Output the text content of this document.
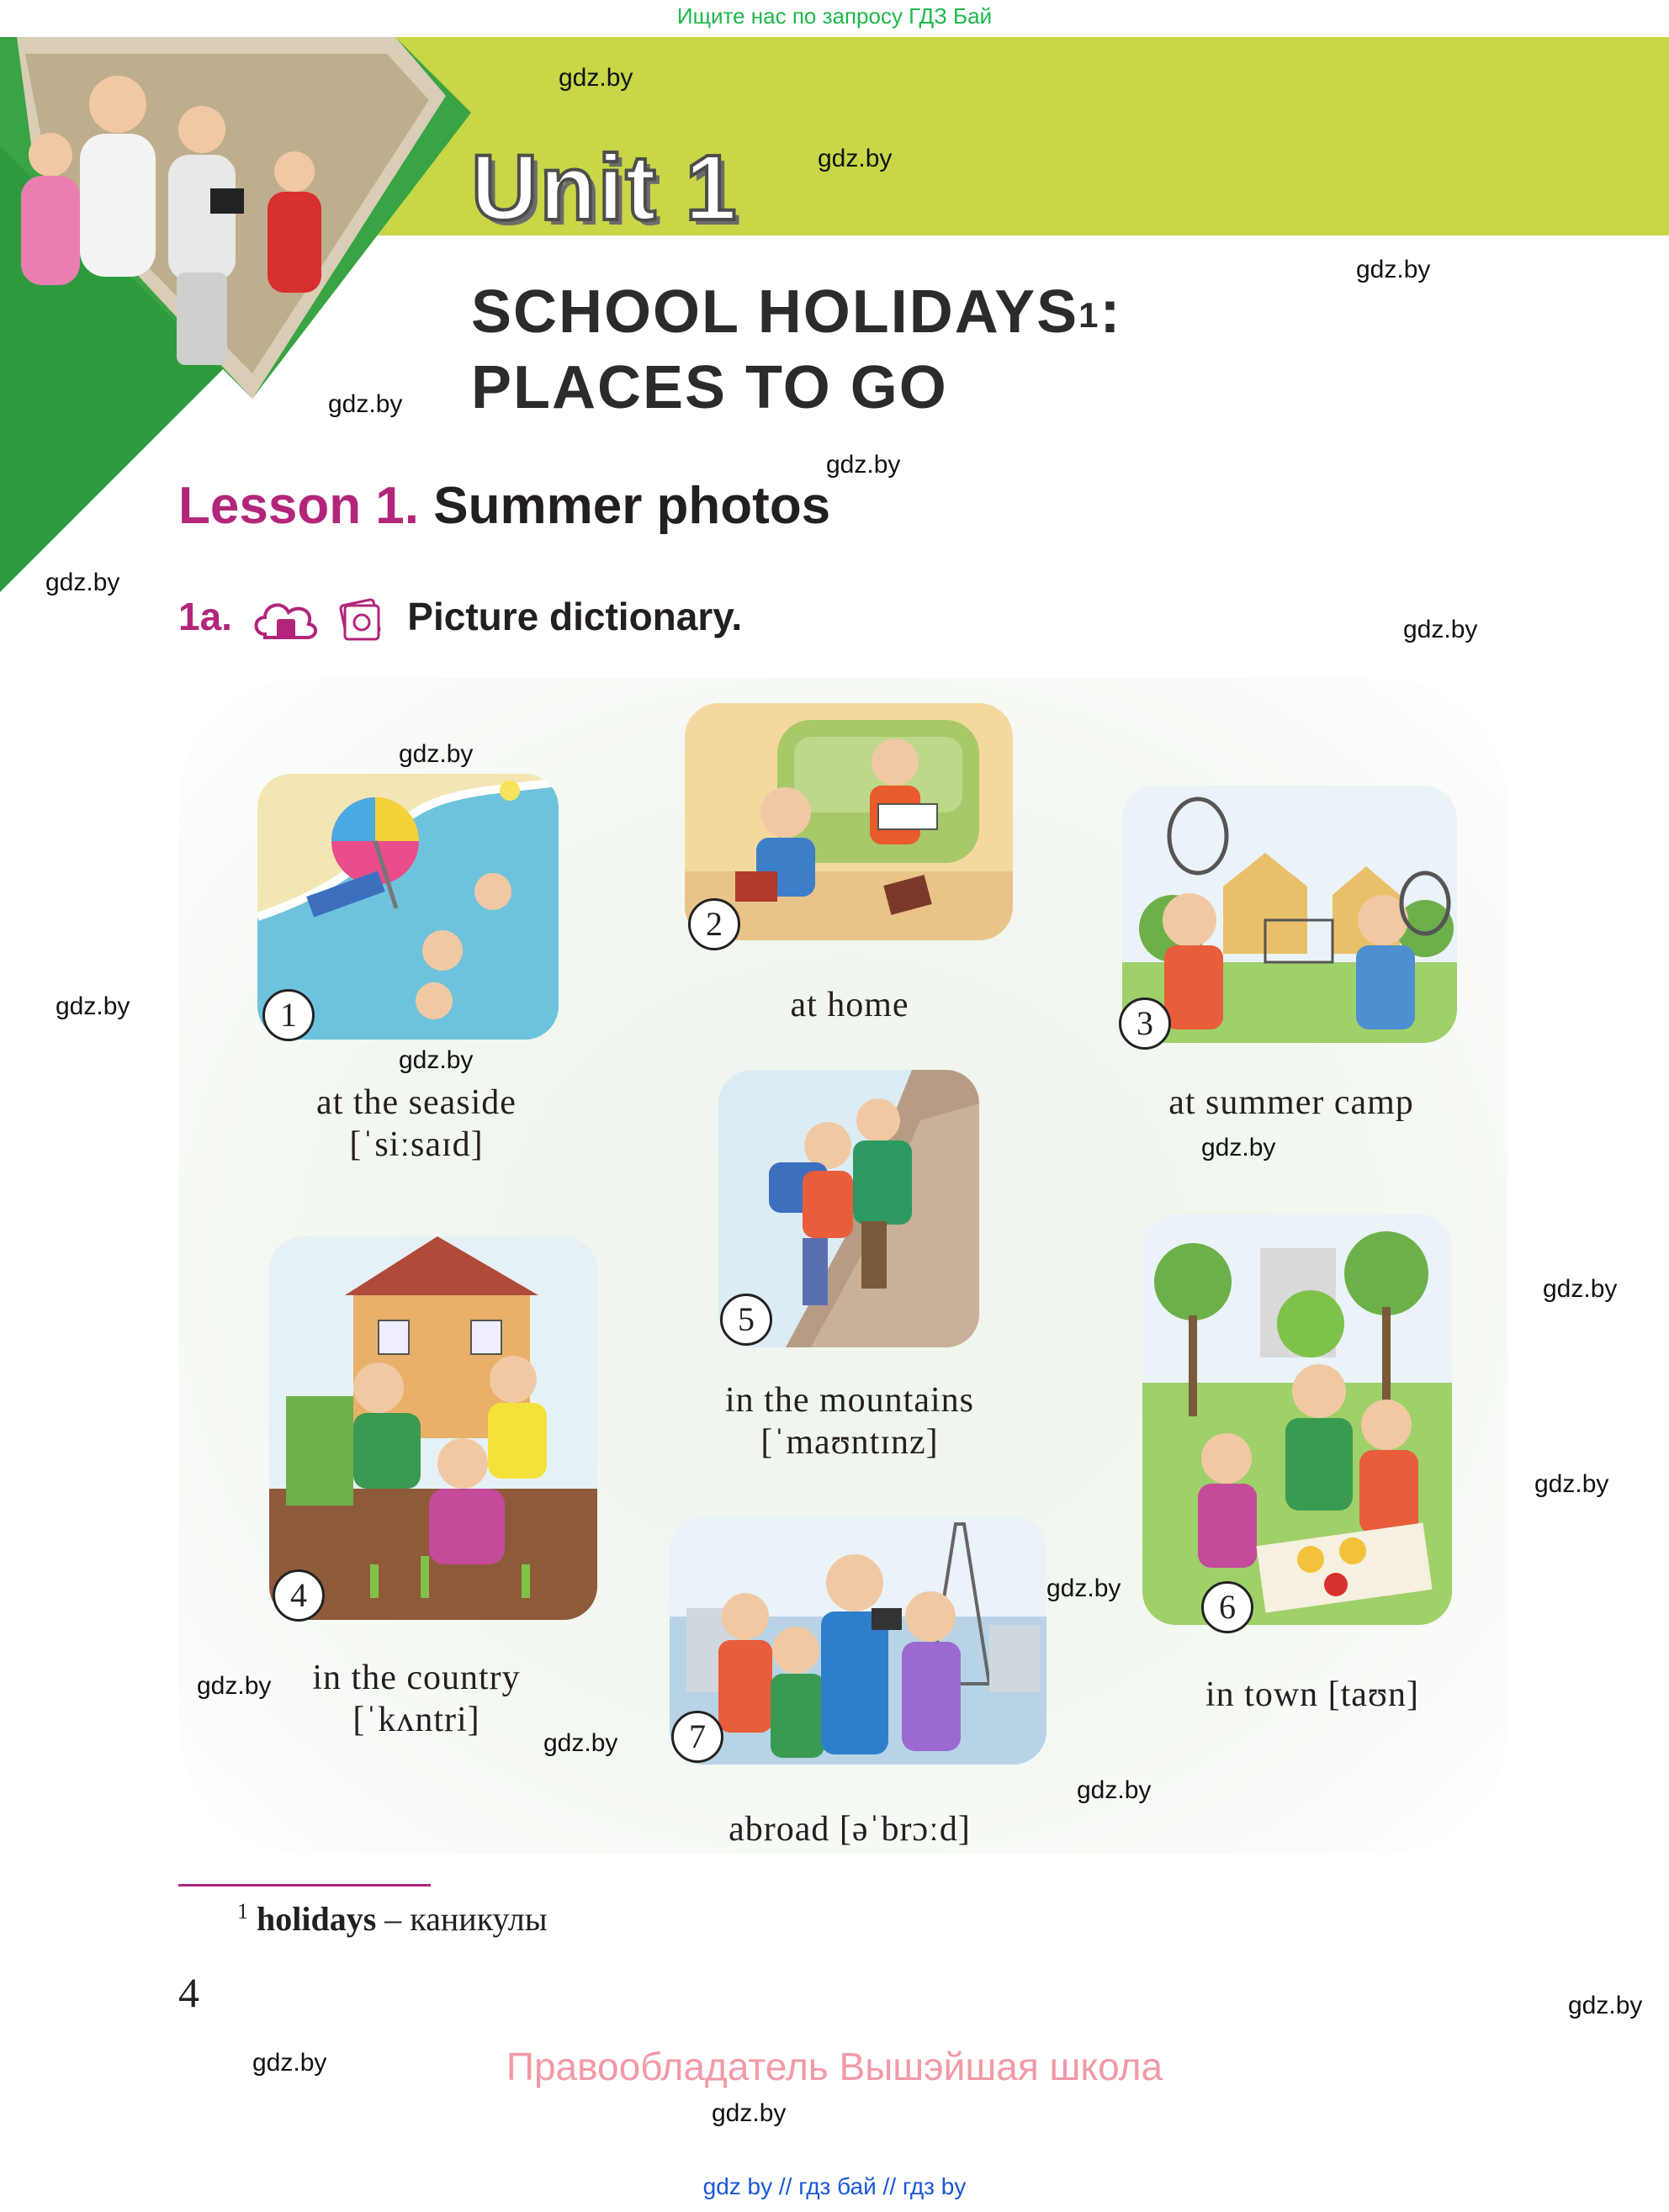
Ищите нас по запросу ГДЗ Бай
Unit 1
SCHOOL HOLIDAYS$^1$:
PLACES TO GO
Lesson 1. Summer photos
1a.	Picture dictionary.
1
at the seaside
[ˈsiːsaɪd]
2
at home	3
at summer camp
5
in the mountains
[ˈmaʊntɪnz]
4
in the country
[ˈkʌntri]
6
in town [taʊn]
7
abroad [əˈbrɔːd]
$^1$ holidays – каникулы
4
Правообладатель Вышэйшая школа
gdz by // гдз бай // гдз by
gdz.by
gdz.by
gdz.by
gdz.by
gdz.by
gdz.by
gdz.by
gdz.by
gdz.by
gdz.by
gdz.by
gdz.by
gdz.by
gdz.by
gdz.by
gdz.by
gdz.by
gdz.by
gdz.by
gdz.by
